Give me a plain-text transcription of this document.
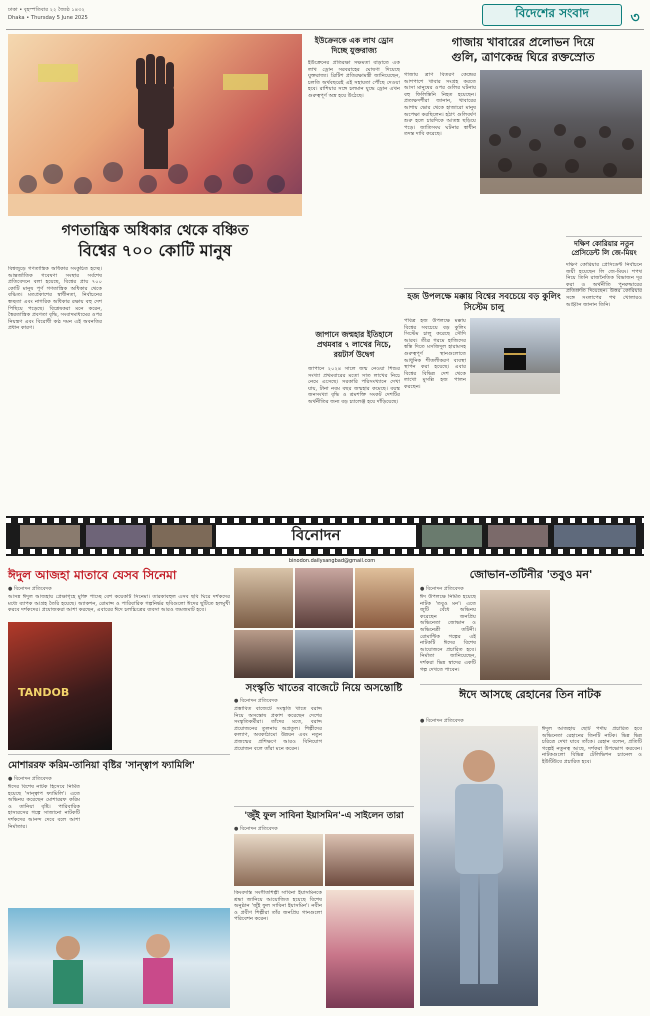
ঢাকা • বৃহস্পতিবার ২২ জ্যৈষ্ঠ ১৪৩২
Dhaka • Thursday 5 June 2025	বিদেশের সংবাদ	৩
গণতান্ত্রিক অধিকার থেকে বঞ্চিত
বিশ্বের ৭০০ কোটি মানুষ
বিশ্বজুড়ে গণতান্ত্রিক অধিকার সংকুচিত হচ্ছে। আন্তর্জাতিক গবেষণা সংস্থার সর্বশেষ প্রতিবেদনে বলা হয়েছে, বিশ্বের প্রায় ৭০০ কোটি মানুষ পূর্ণ গণতান্ত্রিক অধিকার থেকে বঞ্চিত। মতপ্রকাশের স্বাধীনতা, নির্বাচনের স্বচ্ছতা এবং নাগরিক অধিকার রক্ষায় বহু দেশ পিছিয়ে পড়েছে। বিশ্লেষকরা মনে করেন, স্বৈরতান্ত্রিক প্রবণতা বৃদ্ধি, সংবাদমাধ্যমের ওপর নিয়ন্ত্রণ এবং বিরোধী কণ্ঠ দমন এই অবনতির প্রধান কারণ।
ইউক্রেনকে এক লাখ ড্রোন দিচ্ছে যুক্তরাজ্য
ইউক্রেনের প্রতিরক্ষা সক্ষমতা বাড়াতে এক লাখ ড্রোন সরবরাহের ঘোষণা দিয়েছে যুক্তরাজ্য। ব্রিটিশ প্রতিরক্ষামন্ত্রী জানিয়েছেন, চলতি অর্থবছরেই এই সহায়তা পৌঁছে দেওয়া হবে। রাশিয়ার সঙ্গে চলমান যুদ্ধে ড্রোন এখন গুরুত্বপূর্ণ অস্ত্র হয়ে উঠেছে।
গাজায় খাবারের প্রলোভন দিয়ে
গুলি, ত্রাণকেন্দ্র ঘিরে রক্তস্রোত
গাজায় ত্রাণ বিতরণ কেন্দ্রের আশপাশে খাবার সংগ্রহ করতে আসা মানুষের ওপর গুলির ঘটনায় বহু ফিলিস্তিনি নিহত হয়েছেন। প্রত্যক্ষদর্শীরা জানান, খাবারের আশায় ভোর থেকে হাজারো মানুষ অপেক্ষা করছিলেন। হঠাৎ গুলিবর্ষণ শুরু হলে চারদিকে আতঙ্ক ছড়িয়ে পড়ে। জাতিসংঘ ঘটনার স্বাধীন তদন্ত দাবি করেছে।
জাপানে জন্মহার ইতিহাসে প্রথমবার ৭ লাখের নিচে, রয়টার্স উদ্বেগ
জাপানে ২০২৪ সালে জন্ম নেওয়া শিশুর সংখ্যা প্রথমবারের মতো সাত লাখের নিচে নেমে এসেছে। সরকারি পরিসংখ্যানে দেখা যায়, টানা নবম বছর জন্মহার কমেছে। বয়স্ক জনসংখ্যা বৃদ্ধি ও শ্রমশক্তি সংকট দেশটির অর্থনীতির জন্য বড় চ্যালেঞ্জ হয়ে দাঁড়িয়েছে।
হজ উপলক্ষে মক্কায় বিশ্বের সবচেয়ে বড় কুলিং সিস্টেম চালু
পবিত্র হজ উপলক্ষে মক্কায় বিশ্বের সবচেয়ে বড় কুলিং সিস্টেম চালু করেছে সৌদি আরব। তীব্র গরমে হাজিদের স্বস্তি দিতে মসজিদুল হারামসহ গুরুত্বপূর্ণ স্থানগুলোতে আধুনিক শীতলীকরণ ব্যবস্থা স্থাপন করা হয়েছে। এবার বিশ্বের বিভিন্ন দেশ থেকে লাখো মুসল্লি হজ পালন করছেন।
দক্ষিণ কোরিয়ার নতুন প্রেসিডেন্ট লি জে-মিয়ং
দক্ষিণ কোরিয়ার প্রেসিডেন্ট নির্বাচনে জয়ী হয়েছেন লি জে-মিয়ং। শপথ নিয়ে তিনি রাজনৈতিক বিভাজন দূর করা ও অর্থনীতি পুনরুদ্ধারের প্রতিশ্রুতি দিয়েছেন। উত্তর কোরিয়ার সঙ্গে সংলাপের পথ খোলারও আহ্বান জানান তিনি।
বিনোদন
binodon.dailysangbad@gmail.com
ঈদুল আজহা মাতাবে যেসব সিনেমা
● বিনোদন প্রতিবেদক
আসন্ন ঈদুল আজহায় প্রেক্ষাগৃহে মুক্তি পাচ্ছে বেশ কয়েকটি সিনেমা। তারকাবহুল এসব ছবি ঘিরে দর্শকদের মধ্যে ব্যাপক আগ্রহ তৈরি হয়েছে। অ্যাকশন, রোমান্স ও পারিবারিক গল্পনির্ভর ছবিগুলো ঈদের ছুটিতে হলমুখী করবে দর্শকদের। প্রযোজকরা আশা করছেন, এবারের ঈদে চলচ্চিত্রের ব্যবসা আরও জমজমাট হবে।
TANDOB	সংস্কৃতি খাতের বাজেটে নিয়ে অসন্তোষ্টি
● বিনোদন প্রতিবেদক
প্রস্তাবিত বাজেটে সংস্কৃতি খাতে বরাদ্দ নিয়ে অসন্তোষ প্রকাশ করেছেন দেশের সংস্কৃতিকর্মীরা। তাঁদের মতে, বরাদ্দ প্রয়োজনের তুলনায় অপ্রতুল। শিল্পীদের কল্যাণ, অবকাঠামো উন্নয়ন এবং নতুন প্রজন্মের প্রশিক্ষণে আরও বিনিয়োগ প্রয়োজন বলে তাঁরা মনে করেন।
জোভান-তটিনীর 'তবুও মন'
● বিনোদন প্রতিবেদক
ঈদ উপলক্ষে নির্মিত হয়েছে নাটক 'তবুও মন'। এতে জুটি বেঁধে অভিনয় করেছেন জনপ্রিয় অভিনেতা জোভান ও অভিনেত্রী তটিনী। রোমান্টিক গল্পের এই নাটকটি ঈদের বিশেষ আয়োজনে প্রচারিত হবে। নির্মাতা জানিয়েছেন, দর্শকরা ভিন্ন স্বাদের একটি গল্প দেখতে পাবেন।
ঈদে আসছে রেহানের তিন নাটক
● বিনোদন প্রতিবেদক
ঈদুল আজহায় ছোট পর্দায় প্রচারিত হবে অভিনেতা রেহানের তিনটি নাটক। ভিন্ন ভিন্ন চরিত্রে দেখা যাবে তাঁকে। রেহান বলেন, প্রতিটি গল্পেই নতুনত্ব আছে, দর্শকরা উপভোগ করবেন। নাটকগুলো বিভিন্ন টেলিভিশন চ্যানেল ও ইউটিউবে প্রচারিত হবে।
মোশাররফ করিম-তানিয়া বৃষ্টির 'সান্ত্বাপ ফ্যামিলি'
● বিনোদন প্রতিবেদক
ঈদের বিশেষ নাটক হিসেবে নির্মিত হয়েছে 'সান্ত্বাপ ফ্যামিলি'। এতে অভিনয় করেছেন মোশাররফ করিম ও তানিয়া বৃষ্টি। পারিবারিক হাস্যরসের গল্পে সাজানো নাটকটি দর্শকদের আনন্দ দেবে বলে আশা নির্মাতার।
'জুঁই ফুল সাবিনা ইয়াসমিন'-এ সাইলেন তারা
● বিনোদন প্রতিবেদক
কিংবদন্তি সংগীতশিল্পী সাবিনা ইয়াসমিনকে শ্রদ্ধা জানিয়ে আয়োজিত হয়েছে বিশেষ অনুষ্ঠান 'জুঁই ফুল সাবিনা ইয়াসমিন'। নবীন ও প্রবীণ শিল্পীরা তাঁর জনপ্রিয় গানগুলো পরিবেশন করেন।
